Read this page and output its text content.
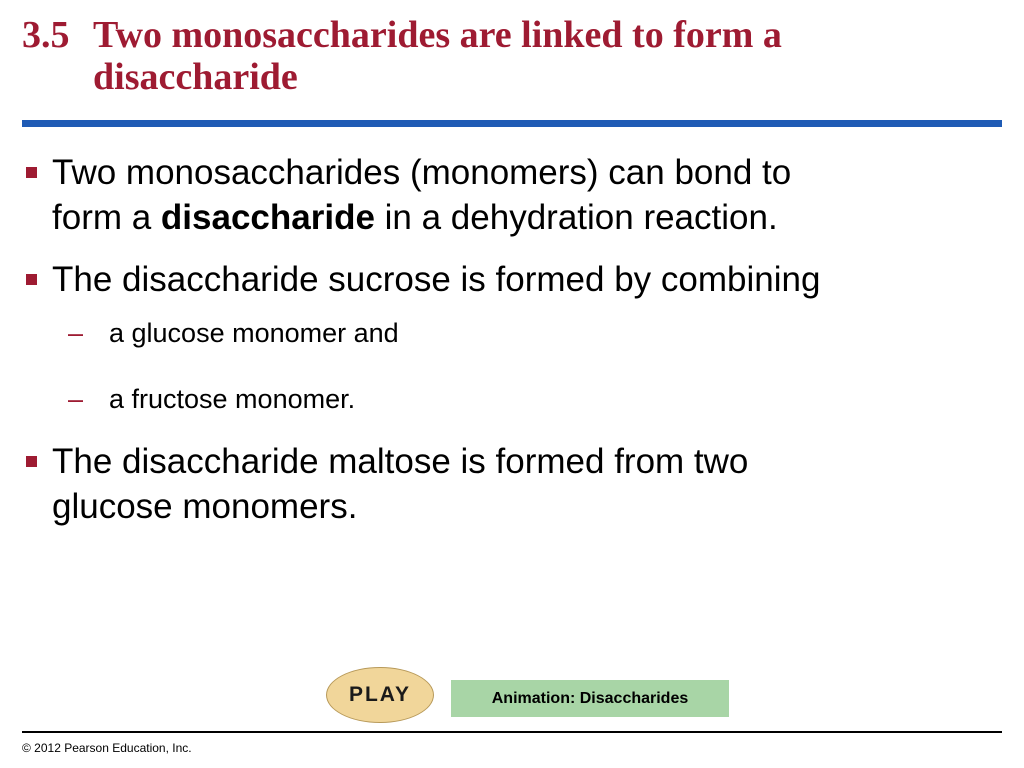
3.5 Two monosaccharides are linked to form a
disaccharide
Two monosaccharides (monomers) can bond to
form a disaccharide in a dehydration reaction.
The disaccharide sucrose is formed by combining
– a glucose monomer and
– a fructose monomer.
The disaccharide maltose is formed from two
glucose monomers.
PLAY	Animation: Disaccharides
© 2012 Pearson Education, Inc.
